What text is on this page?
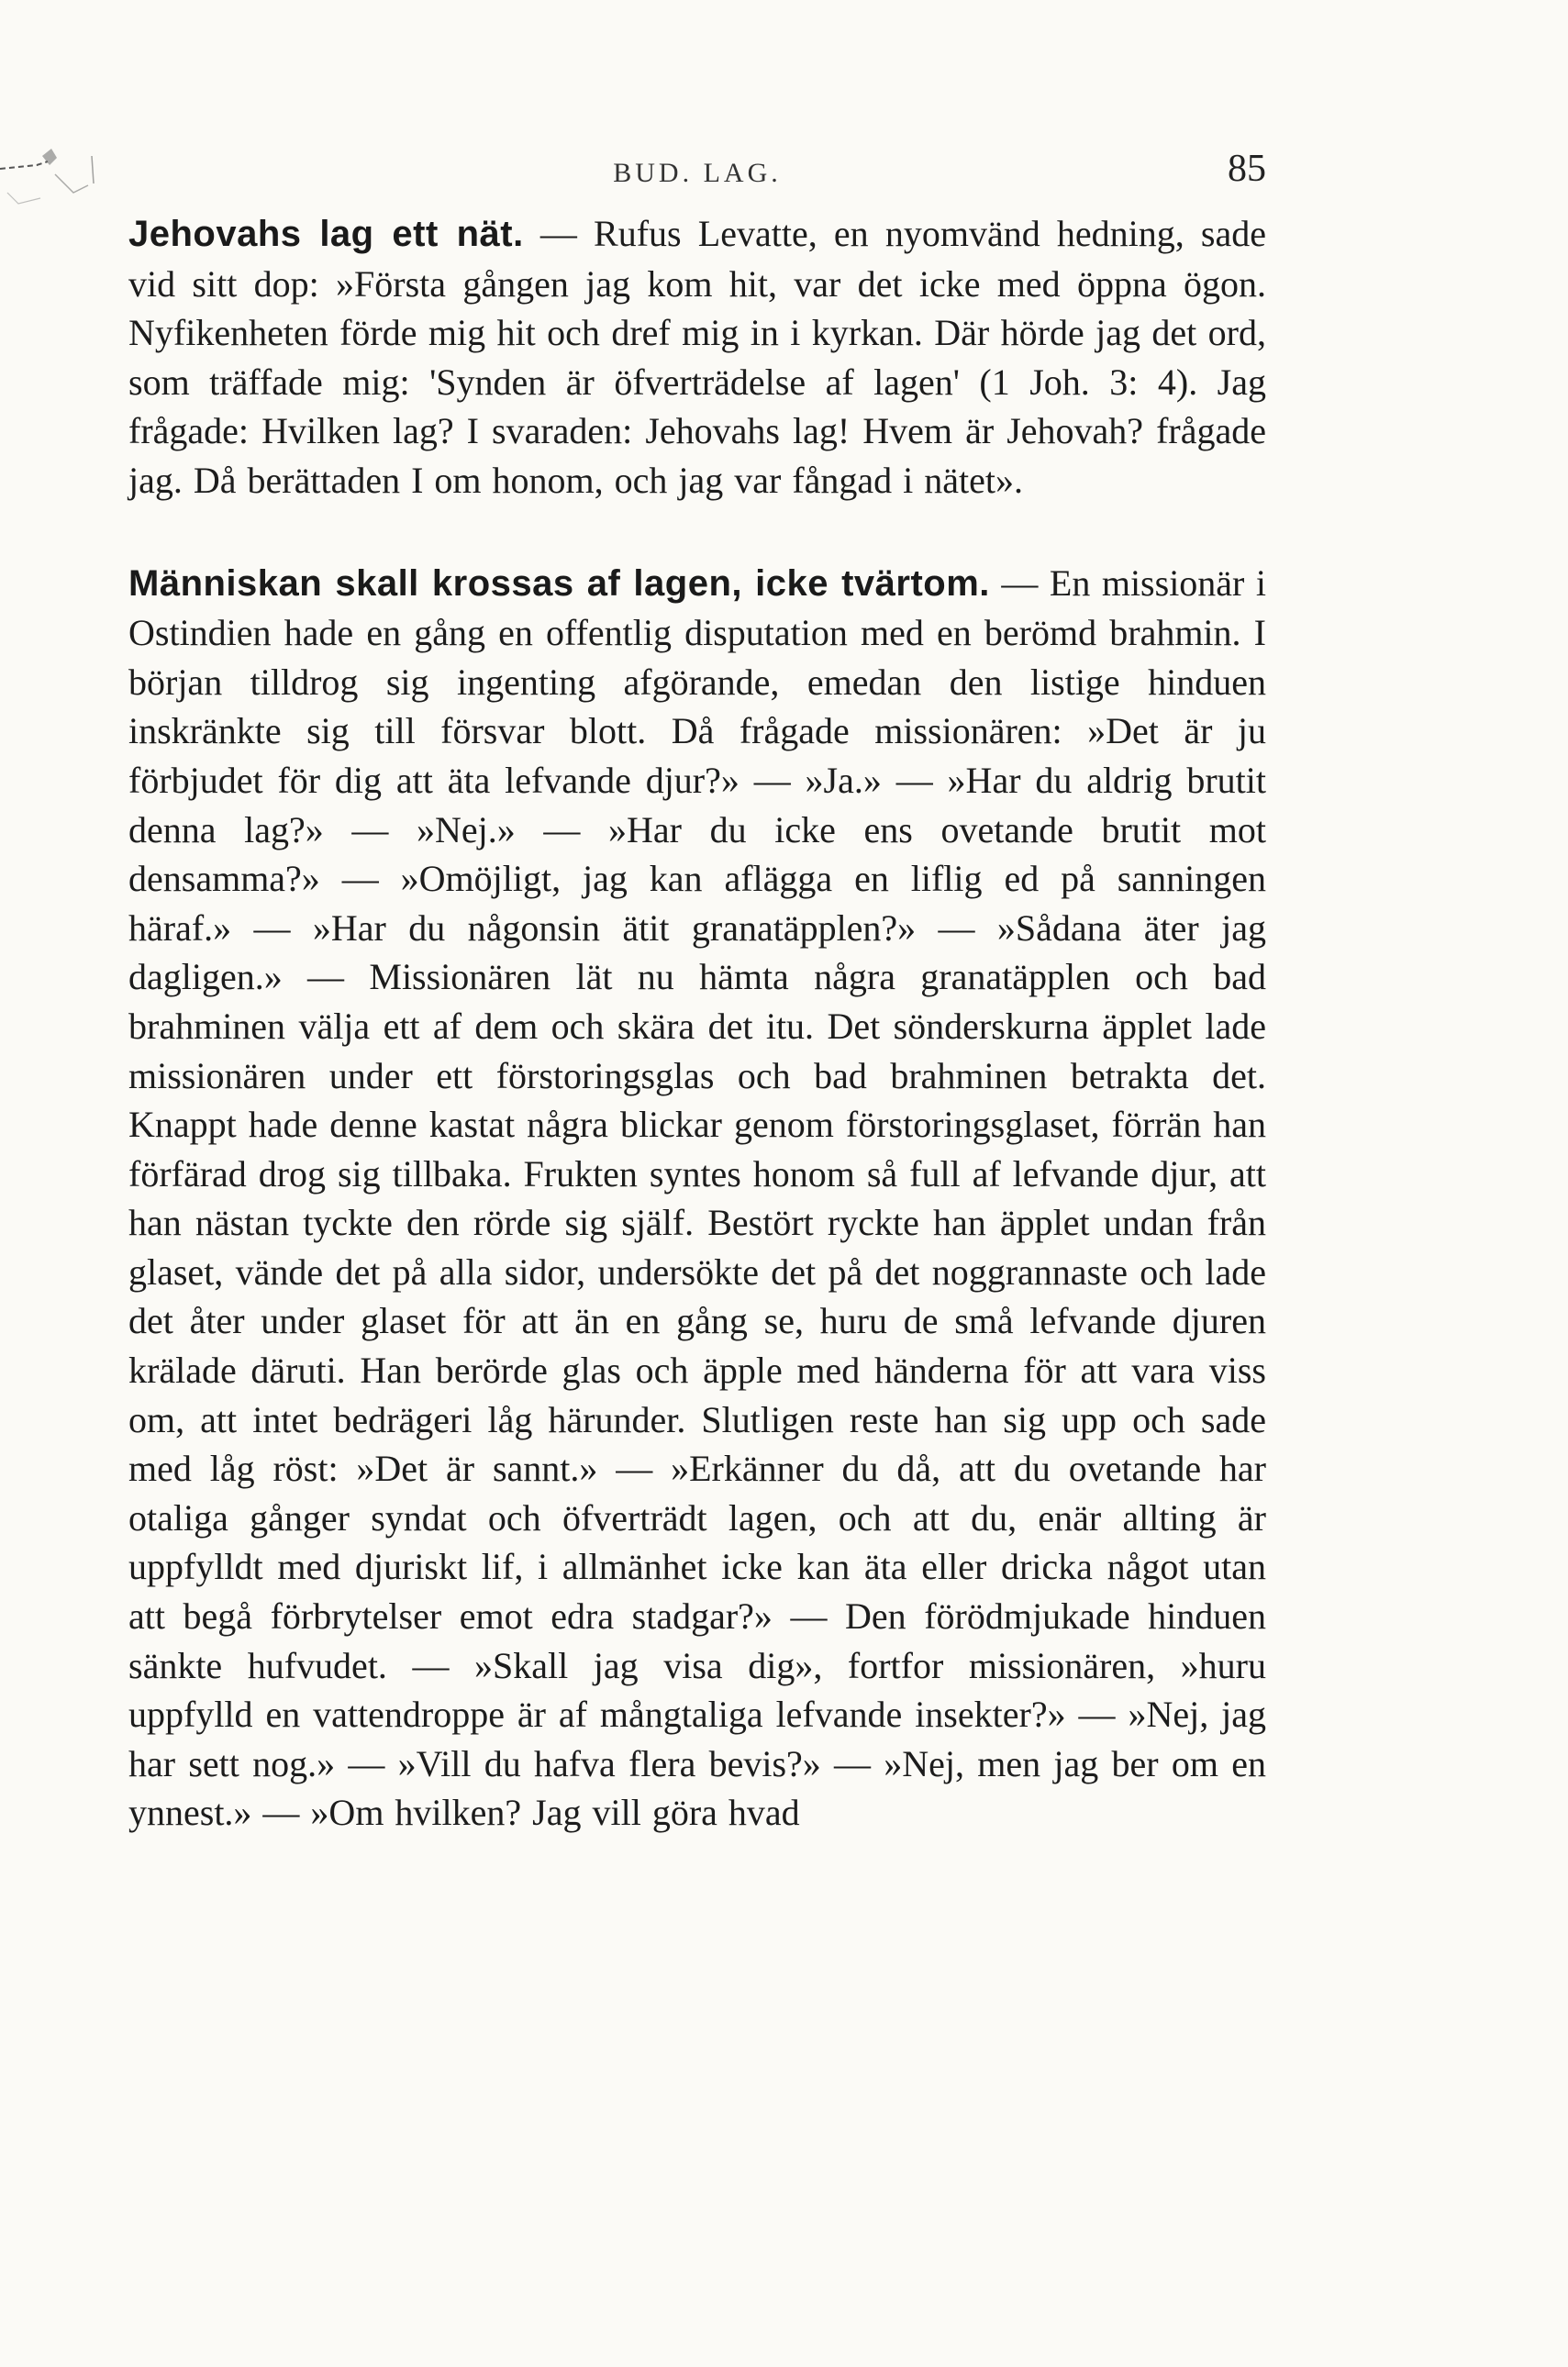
BUD. LAG.	85

Jehovahs lag ett nät. — Rufus Levatte, en nyomvänd hedning, sade vid sitt dop: »Första gången jag kom hit, var det icke med öppna ögon. Nyfikenheten förde mig hit och dref mig in i kyrkan. Där hörde jag det ord, som träffade mig: 'Synden är öfverträdelse af lagen' (1 Joh. 3: 4). Jag frågade: Hvilken lag? I svaraden: Jehovahs lag! Hvem är Jehovah? frågade jag. Då berättaden I om honom, och jag var fångad i nätet».

Människan skall krossas af lagen, icke tvärtom. — En missionär i Ostindien hade en gång en offentlig disputation med en berömd brahmin. I början tilldrog sig ingenting afgörande, emedan den listige hinduen inskränkte sig till försvar blott. Då frågade missionären: »Det är ju förbjudet för dig att äta lefvande djur?» — »Ja.» — »Har du aldrig brutit denna lag?» — »Nej.» — »Har du icke ens ovetande brutit mot densamma?» — »Omöjligt, jag kan aflägga en liflig ed på sanningen häraf.» — »Har du någonsin ätit granatäpplen?» — »Sådana äter jag dagligen.» — Missionären lät nu hämta några granatäpplen och bad brahminen välja ett af dem och skära det itu. Det sönderskurna äpplet lade missionären under ett förstoringsglas och bad brahminen betrakta det. Knappt hade denne kastat några blickar genom förstoringsglaset, förrän han förfärad drog sig tillbaka. Frukten syntes honom så full af lefvande djur, att han nästan tyckte den rörde sig själf. Bestört ryckte han äpplet undan från glaset, vände det på alla sidor, undersökte det på det noggrannaste och lade det åter under glaset för att än en gång se, huru de små lefvande djuren krälade däruti. Han berörde glas och äpple med händerna för att vara viss om, att intet bedrägeri låg härunder. Slutligen reste han sig upp och sade med låg röst: »Det är sannt.» — »Erkänner du då, att du ovetande har otaliga gånger syndat och öfverträdt lagen, och att du, enär allting är uppfylldt med djuriskt lif, i allmänhet icke kan äta eller dricka något utan att begå förbrytelser emot edra stadgar?» — Den förödmjukade hinduen sänkte hufvudet. — »Skall jag visa dig», fortfor missionären, »huru uppfylld en vattendroppe är af mångtaliga lefvande insekter?» — »Nej, jag har sett nog.» — »Vill du hafva flera bevis?» — »Nej, men jag ber om en ynnest.» — »Om hvilken? Jag vill göra hvad
